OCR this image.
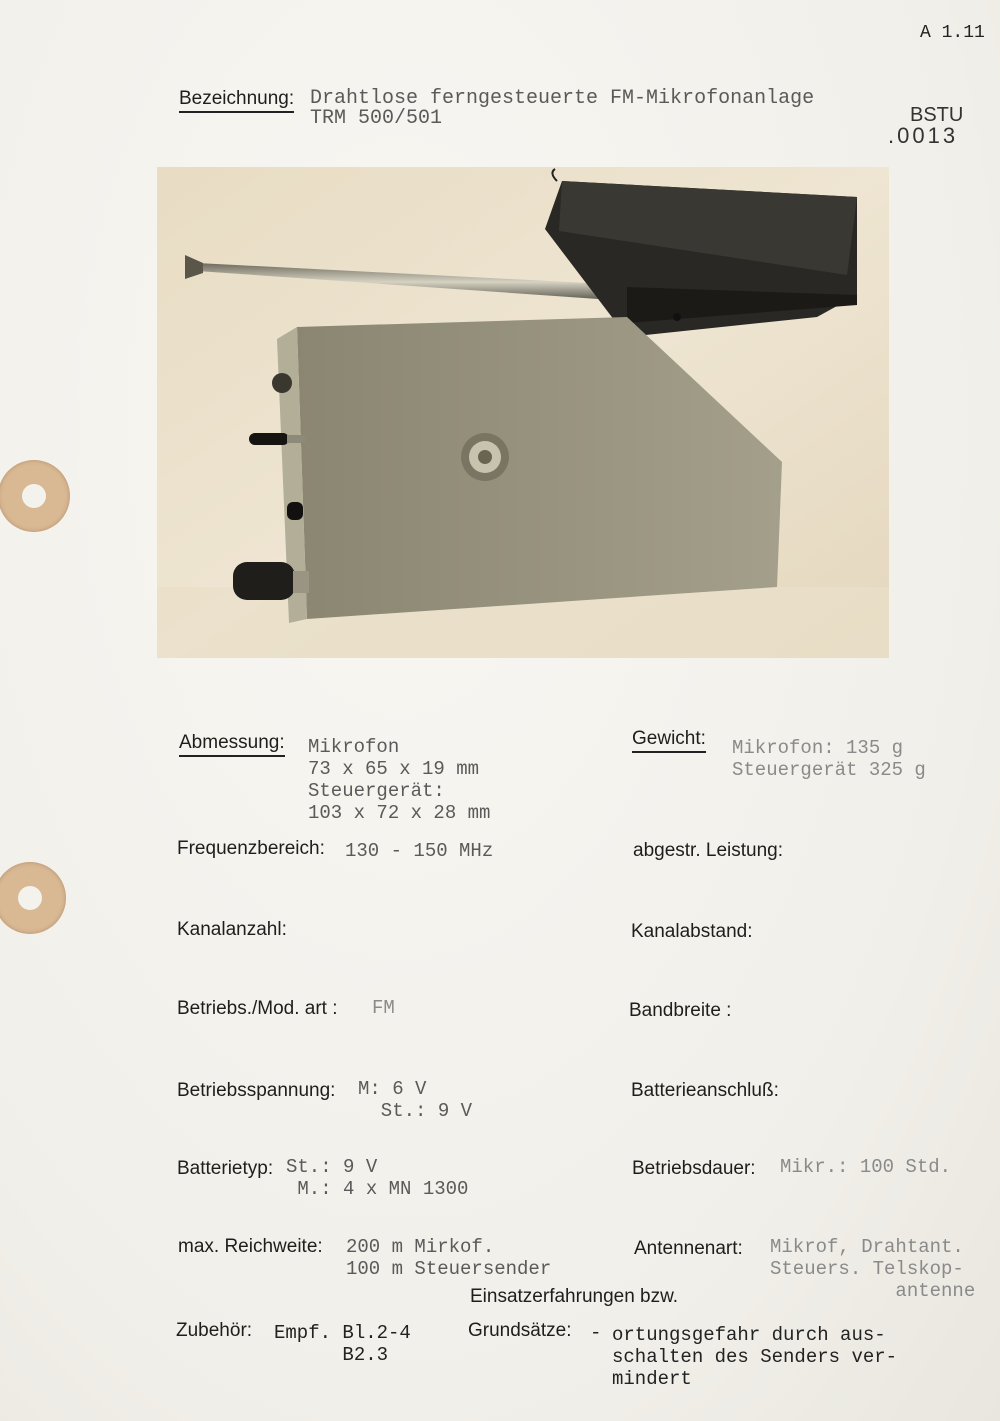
A 1.11
BSTU
.0013
Bezeichnung: Drahtlose ferngesteuerte FM-Mikrofonanlage
TRM 500/501
Abmessung: Mikrofon
73 x 65 x 19 mm
Steuergerät:
103 x 72 x 28 mm
Frequenzbereich: 130 - 150 MHz
Kanalanzahl:
Betriebs./Mod. art : FM
Betriebsspannung: M: 6 V
St.: 9 V
Batterietyp: St.: 9 V
M.: 4 x MN 1300
max. Reichweite: 200 m Mirkof.
100 m Steuersender
Zubehör: Empf. Bl.2-4
B2.3
Gewicht: Mikrofon: 135 g
Steuergerät 325 g
abgestr. Leistung:
Kanalabstand:
Bandbreite :
Batterieanschluß:
Betriebsdauer: Mikr.: 100 Std.
Antennenart: Mikrof, Drahtant.
Steuers. Telskop-
antenne
Einsatzerfahrungen bzw.
Grundsätze: - ortungsgefahr durch aus-
schalten des Senders ver-
mindert
